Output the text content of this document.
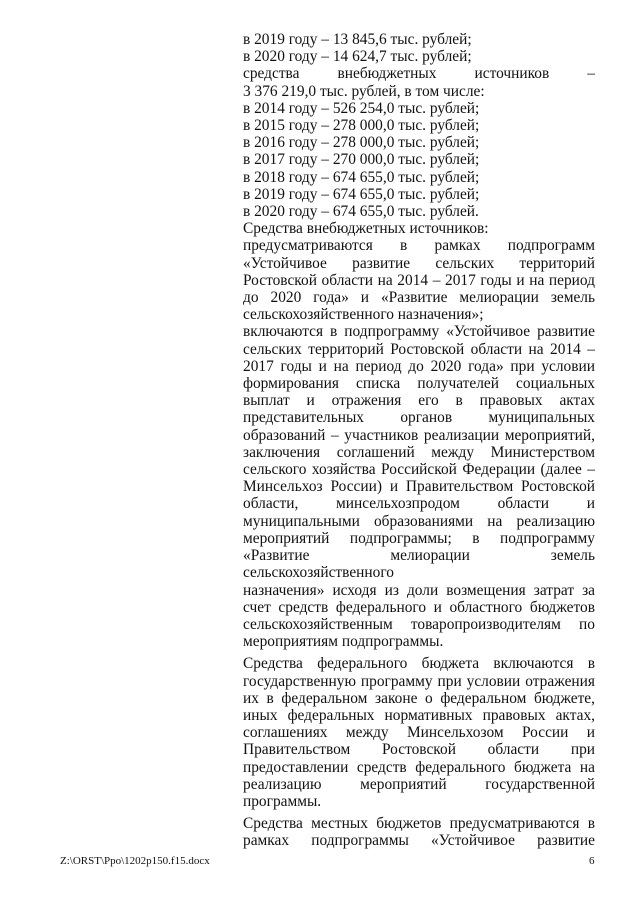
в 2019 году – 13 845,6 тыс. рублей;
в 2020 году – 14 624,7 тыс. рублей;
средства внебюджетных источников –
3 376 219,0 тыс. рублей, в том числе:
в 2014 году – 526 254,0 тыс. рублей;
в 2015 году – 278 000,0 тыс. рублей;
в 2016 году – 278 000,0 тыс. рублей;
в 2017 году – 270 000,0 тыс. рублей;
в 2018 году – 674 655,0 тыс. рублей;
в 2019 году – 674 655,0 тыс. рублей;
в 2020 году – 674 655,0 тыс. рублей.
Средства внебюджетных источников:
предусматриваются в рамках подпрограмм
«Устойчивое развитие сельских территорий
Ростовской области на 2014 – 2017 годы и на период
до 2020 года» и «Развитие мелиорации земель
сельскохозяйственного назначения»;
включаются в подпрограмму «Устойчивое развитие
сельских территорий Ростовской области на 2014 –
2017 годы и на период до 2020 года» при условии
формирования списка получателей социальных
выплат и отражения его в правовых актах
представительных органов муниципальных
образований – участников реализации мероприятий,
заключения соглашений между Министерством
сельского хозяйства Российской Федерации (далее –
Минсельхоз России) и Правительством Ростовской
области, минсельхозпродом области и
муниципальными образованиями на реализацию
мероприятий подпрограммы; в подпрограмму
«Развитие мелиорации земель сельскохозяйственного
назначения» исходя из доли возмещения затрат за
счет средств федерального и областного бюджетов
сельскохозяйственным товаропроизводителям по
мероприятиям подпрограммы.
Средства федерального бюджета включаются в
государственную программу при условии отражения
их в федеральном законе о федеральном бюджете,
иных федеральных нормативных правовых актах,
соглашениях между Минсельхозом России и
Правительством Ростовской области при
предоставлении средств федерального бюджета на
реализацию мероприятий государственной
программы.
Средства местных бюджетов предусматриваются в
рамках подпрограммы «Устойчивое развитие
Z:\ORST\Ppo\1202p150.f15.docx	6
